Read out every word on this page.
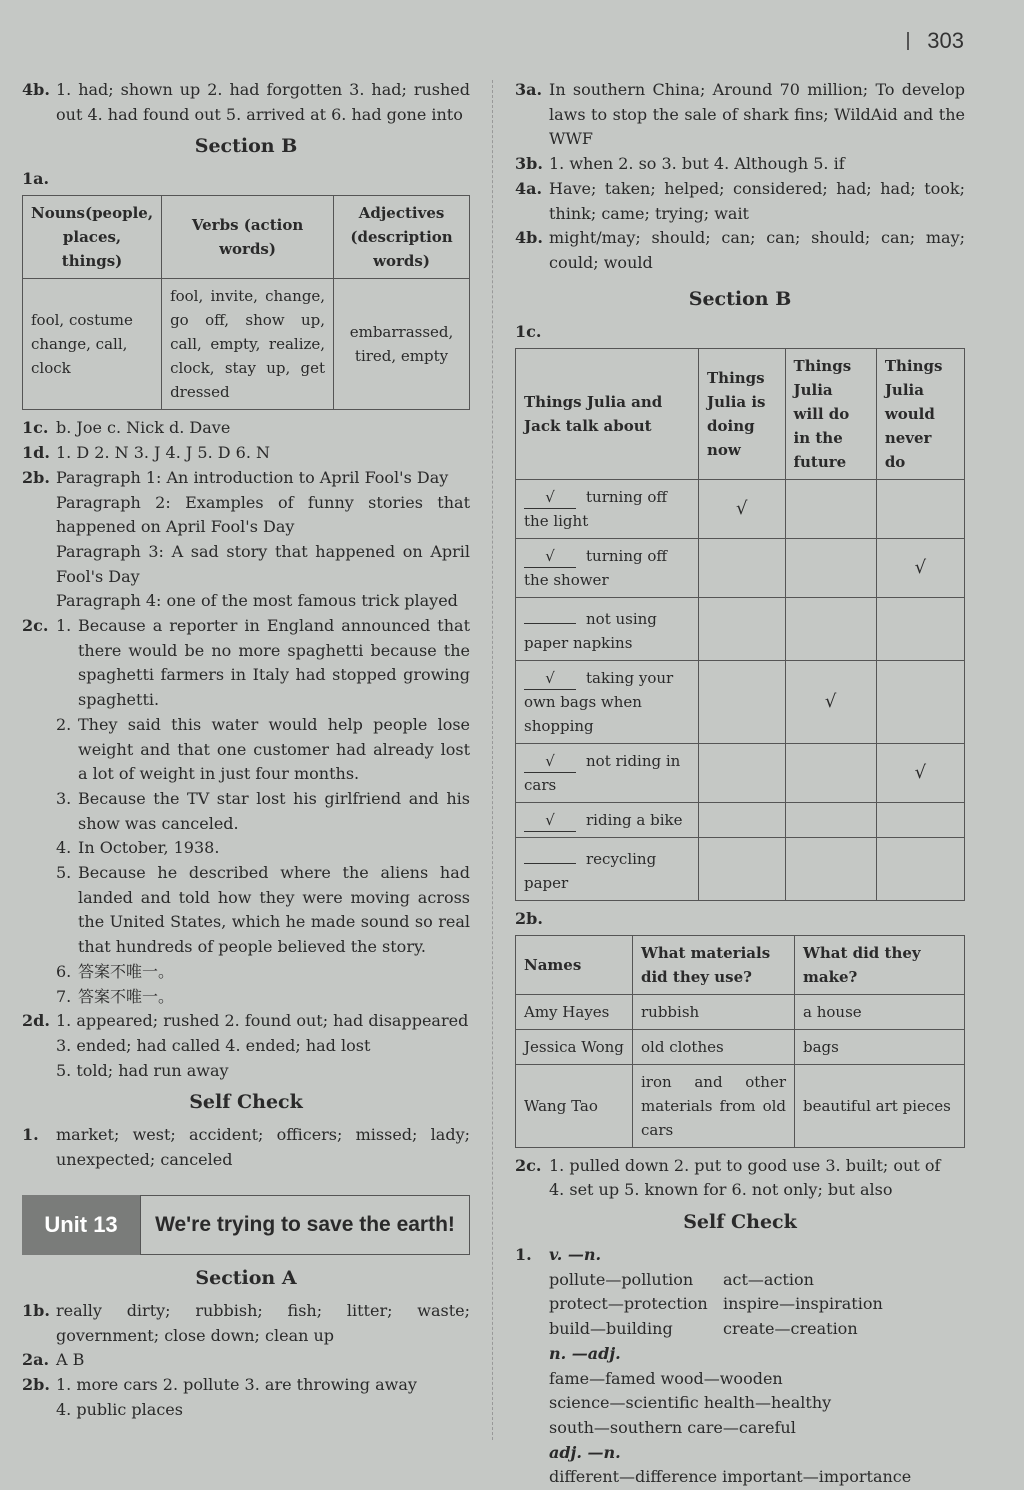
303
4b. 1. had; shown up 2. had forgotten 3. had; rushed out 4. had found out 5. arrived at 6. had gone into
Section B
1a.
Nouns(people, places, things)	Verbs (action words)	Adjectives (description words)
fool, costume change, call, clock	fool, invite, change, go off, show up, call, empty, realize, clock, stay up, get dressed	embarrassed, tired, empty
1c. b. Joe c. Nick d. Dave
1d. 1. D 2. N 3. J 4. J 5. D 6. N
2b. Paragraph 1: An introduction to April Fool's Day
Paragraph 2: Examples of funny stories that happened on April Fool's Day
Paragraph 3: A sad story that happened on April Fool's Day
Paragraph 4: one of the most famous trick played
2c. 1. Because a reporter in England announced that there would be no more spaghetti because the spaghetti farmers in Italy had stopped growing spaghetti.
2. They said this water would help people lose weight and that one customer had already lost a lot of weight in just four months.
3. Because the TV star lost his girlfriend and his show was canceled.
4. In October, 1938.
5. Because he described where the aliens had landed and told how they were moving across the United States, which he made sound so real that hundreds of people believed the story.
6. 答案不唯一。
7. 答案不唯一。
2d. 1. appeared; rushed 2. found out; had disappeared
3. ended; had called 4. ended; had lost
5. told; had run away
Self Check
1.	market; west; accident; officers; missed; lady; unexpected; canceled
Unit 13	We're trying to save the earth!
Section A
1b. really dirty; rubbish; fish; litter; waste; government; close down; clean up
2a. A B
2b. 1. more cars 2. pollute 3. are throwing away
4. public places
3a. In southern China; Around 70 million; To develop laws to stop the sale of shark fins; WildAid and the WWF
3b. 1. when 2. so 3. but 4. Although 5. if
4a. Have; taken; helped; considered; had; had; took; think; came; trying; wait
4b. might/may; should; can; can; should; can; may; could; would
Section B
1c.
Things Julia and Jack talk about	Things Julia is doing now	Things Julia will do in the future	Things Julia would never do
√ turning off the light	√		
√ turning off the shower			√
not using paper napkins			
√ taking your own bags when shopping		√	
√ not riding in cars			√
√ riding a bike			
recycling paper			
2b.
Names	What materials did they use?	What did they make?
Amy Hayes	rubbish	a house
Jessica Wong	old clothes	bags
Wang Tao	iron and other materials from old cars	beautiful art pieces
2c. 1. pulled down 2. put to good use 3. built; out of
4. set up 5. known for 6. not only; but also
Self Check
1.	v. —n.
pollute—pollution	act—action
protect—protection inspire—inspiration
build—building	create—creation
n. —adj.
fame—famed wood—wooden
science—scientific health—healthy
south—southern care—careful
adj. —n.
different—difference important—importance
